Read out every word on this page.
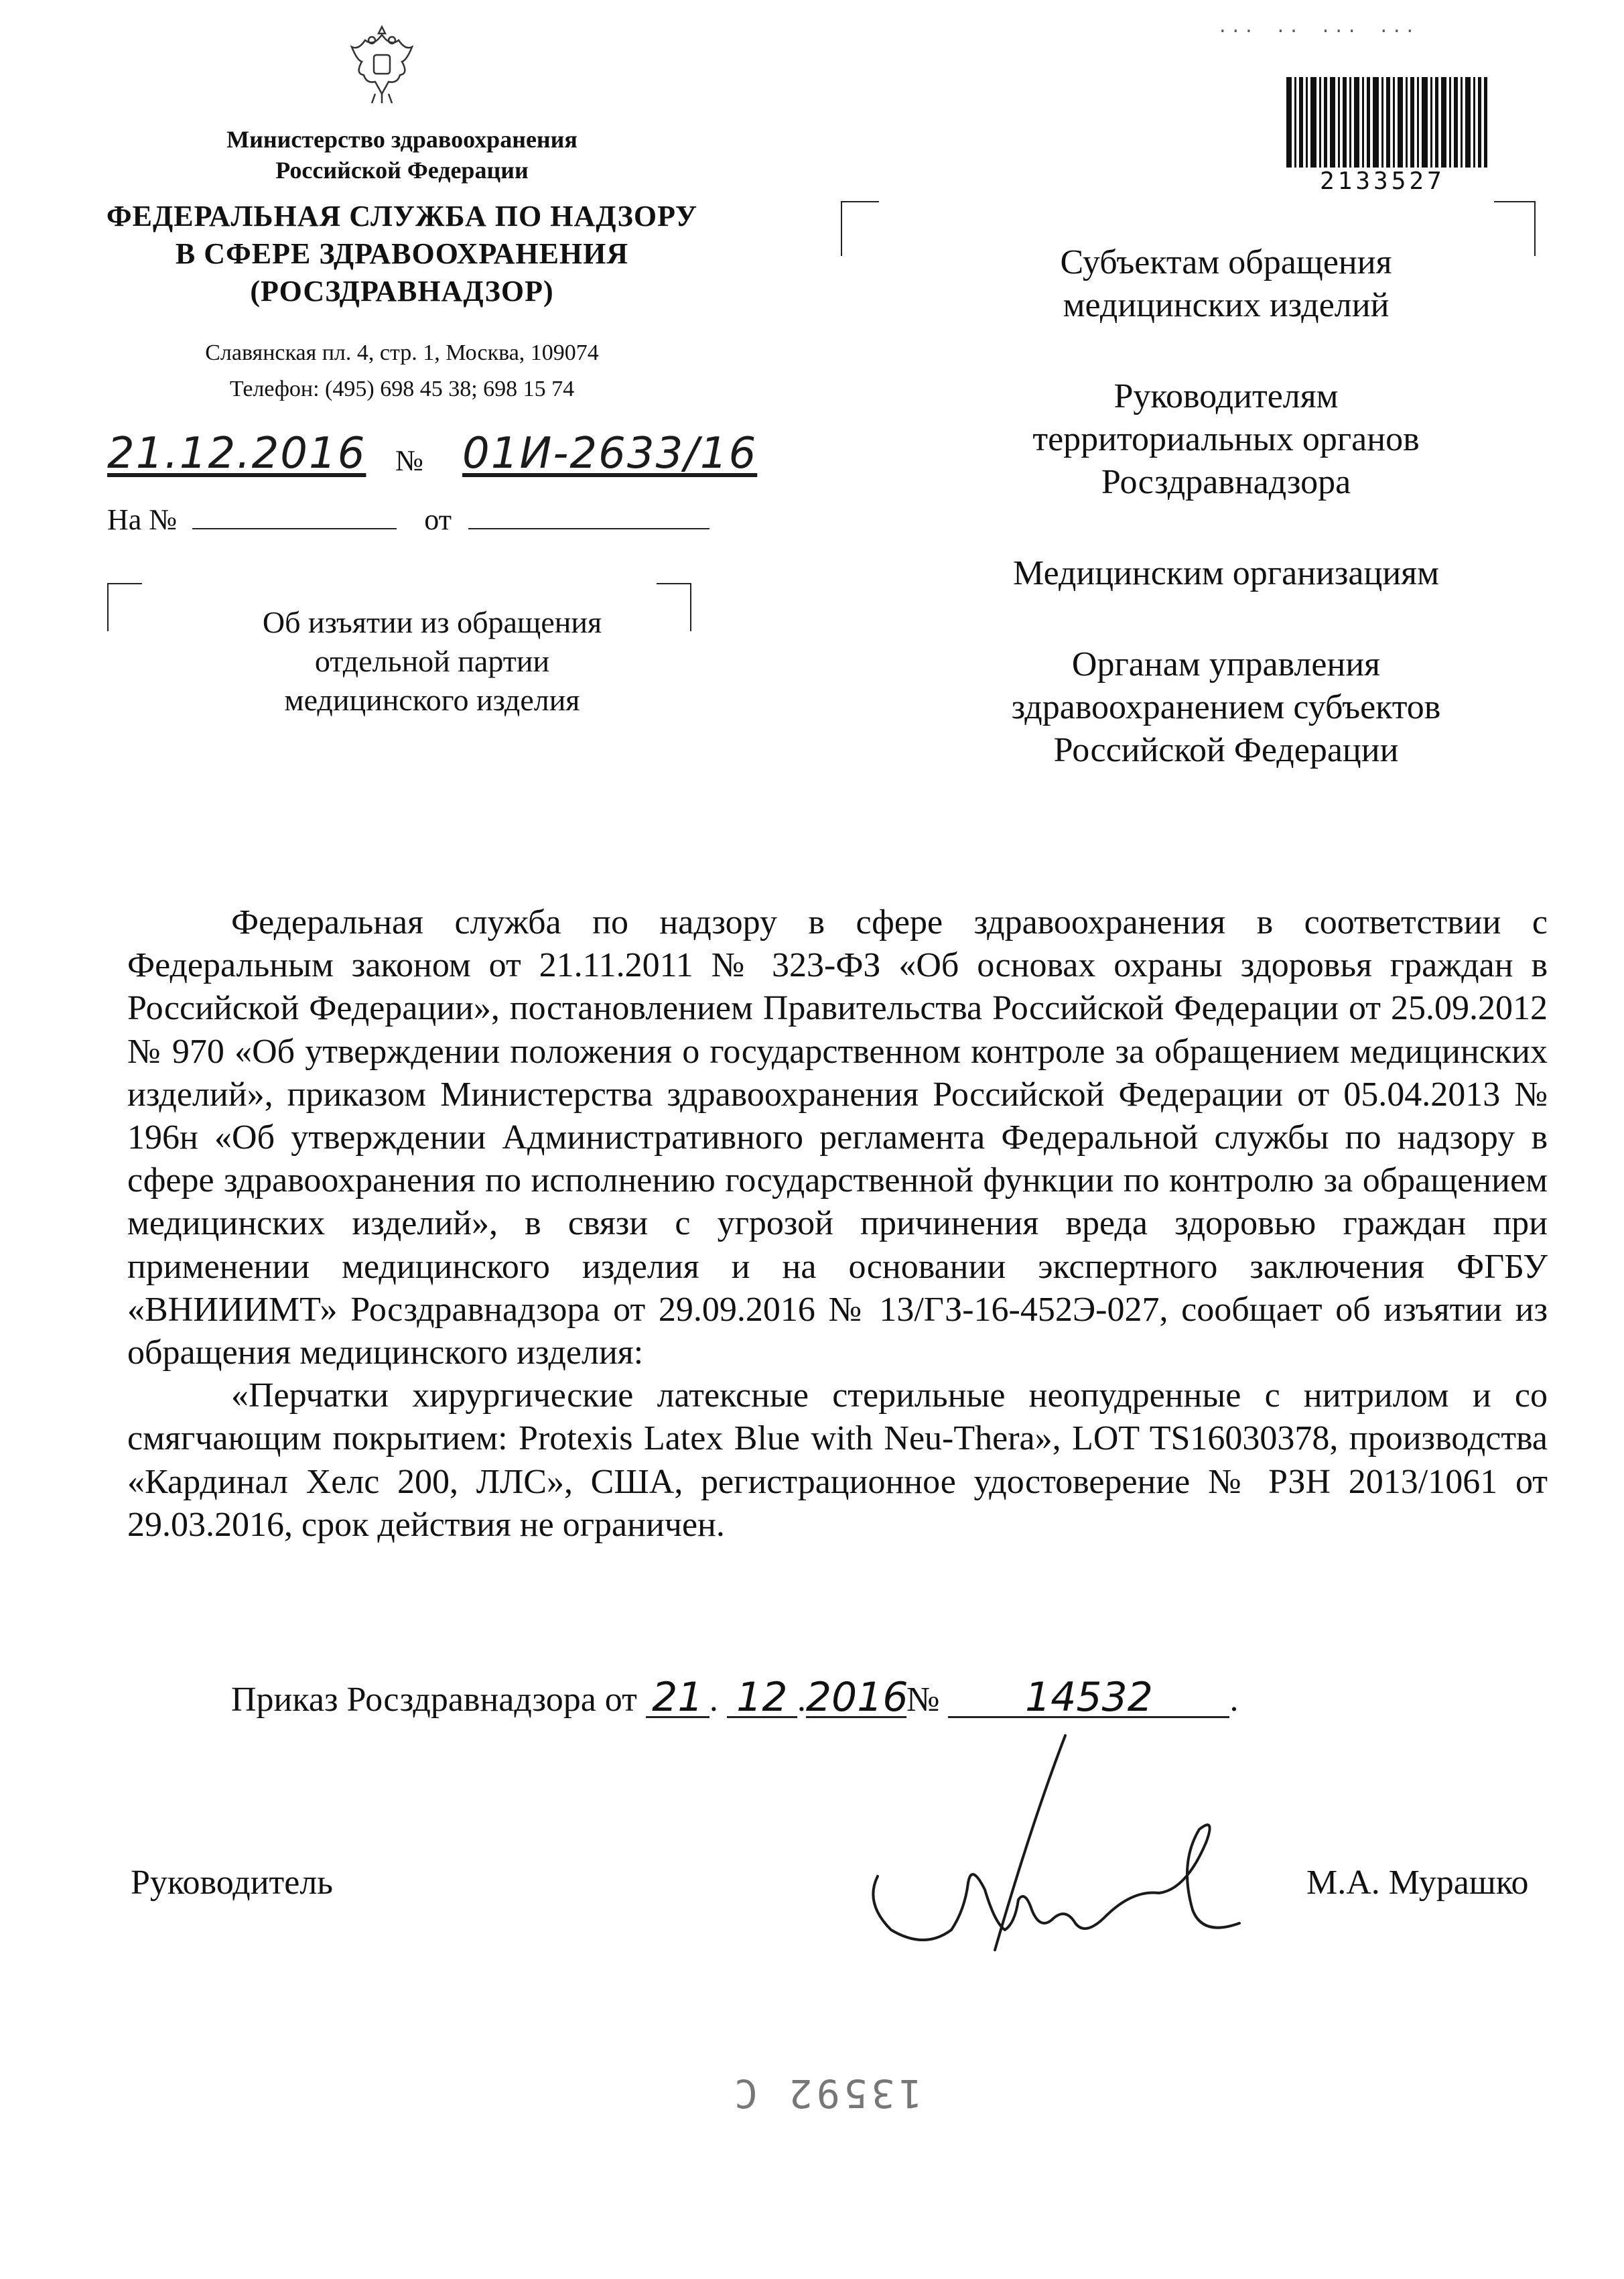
Министерство здравоохранения
Российской Федерации
ФЕДЕРАЛЬНАЯ СЛУЖБА ПО НАДЗОРУ
В СФЕРЕ ЗДРАВООХРАНЕНИЯ
(РОСЗДРАВНАДЗОР)
Славянская пл. 4, стр. 1, Москва, 109074
Телефон: (495) 698 45 38; 698 15 74
21.12.2016 № 01И-2633/16
На №	от
Об изъятии из обращения
отдельной партии
медицинского изделия
‧‧‧ ‧‧ ‧‧‧ ‧‧‧
2133527

Субъектам обращения
медицинских изделий

Руководителям
территориальных органов
Росздравнадзора

Медицинским организациям

Органам управления
здравоохранением субъектов
Российской Федерации

Федеральная служба по надзору в сфере здравоохранения в соответствии с Федеральным законом от 21.11.2011 № 323-ФЗ «Об основах охраны здоровья граждан в Российской Федерации», постановлением Правительства Российской Федерации от 25.09.2012 № 970 «Об утверждении положения о государственном контроле за обращением медицинских изделий», приказом Министерства здравоохранения Российской Федерации от 05.04.2013 № 196н «Об утверждении Административного регламента Федеральной службы по надзору в сфере здравоохранения по исполнению государственной функции по контролю за обращением медицинских изделий», в связи с угрозой причинения вреда здоровью граждан при применении медицинского изделия и на основании экспертного заключения ФГБУ «ВНИИИМТ» Росздравнадзора от 29.09.2016 № 13/ГЗ-16-452Э-027, сообщает об изъятии из обращения медицинского изделия:

«Перчатки хирургические латексные стерильные неопудренные с нитрилом и со смягчающим покрытием: Protexis Latex Blue with Neu-Thera», LOT TS16030378, производства «Кардинал Хелс 200, ЛЛС», США, регистрационное удостоверение № РЗН 2013/1061 от 29.03.2016, срок действия не ограничен.

Приказ Росздравнадзора от 21 . 12 .2016№ 14532 .
Руководитель	М.А. Мурашко
13592 С
